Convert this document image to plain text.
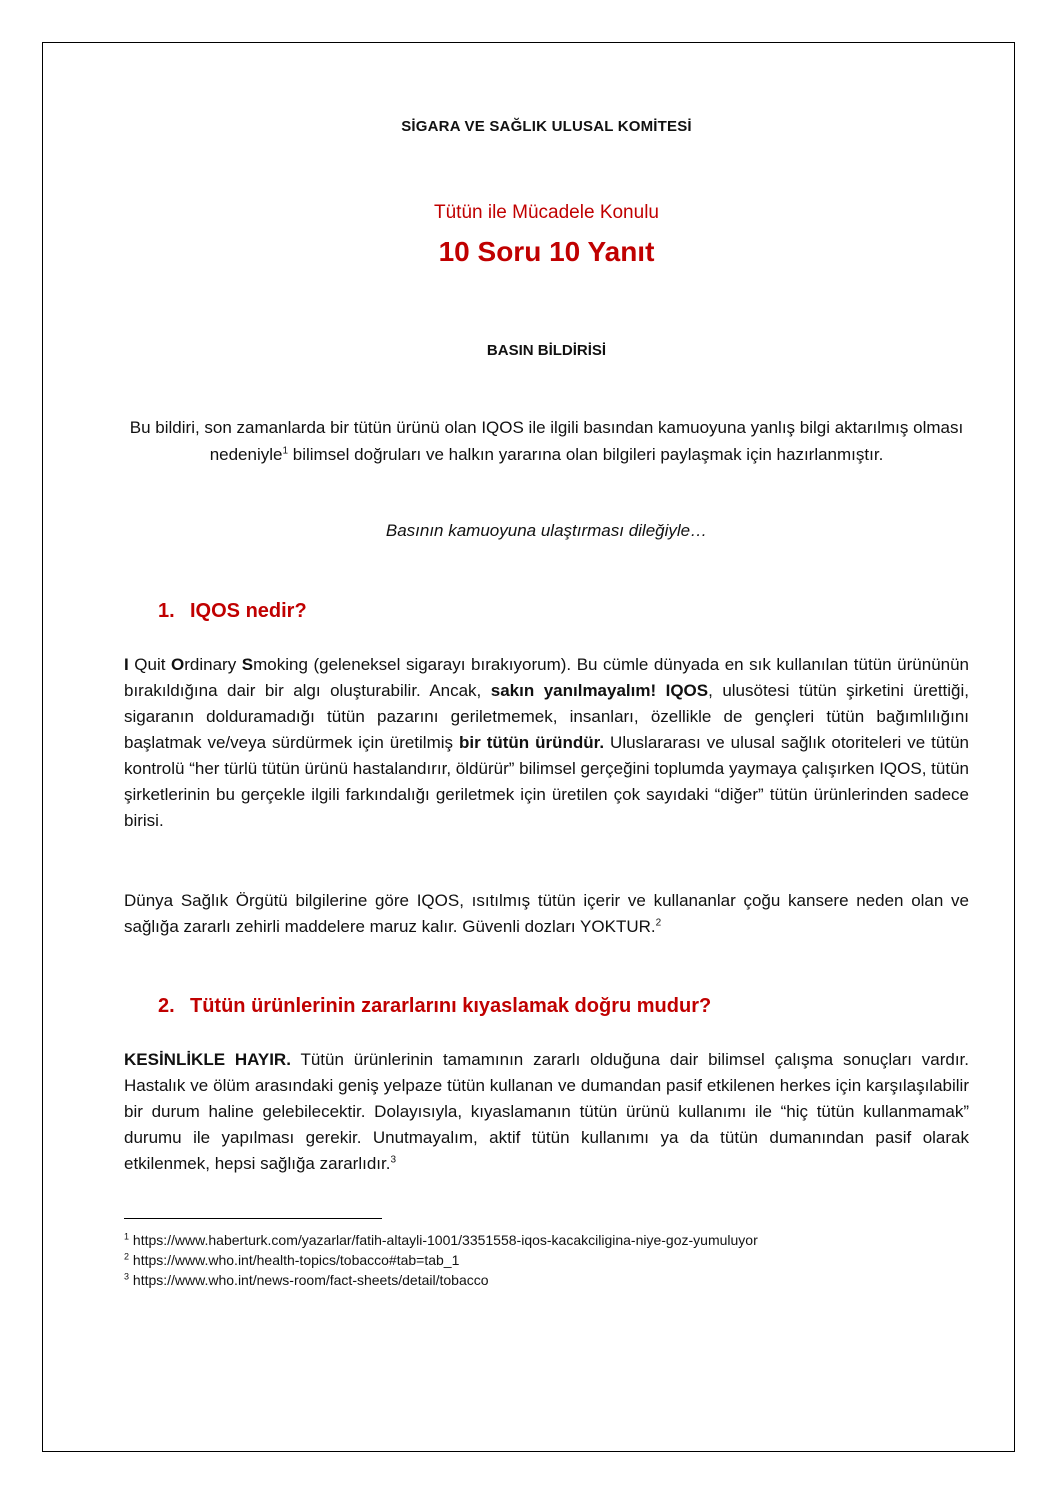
SİGARA VE SAĞLIK ULUSAL KOMİTESİ
Tütün ile Mücadele Konulu
10 Soru 10 Yanıt
BASIN BİLDİRİSİ
Bu bildiri, son zamanlarda bir tütün ürünü olan IQOS ile ilgili basından kamuoyuna yanlış bilgi aktarılmış olması nedeniyle$^1$ bilimsel doğruları ve halkın yararına olan bilgileri paylaşmak için hazırlanmıştır.
Basının kamuoyuna ulaştırması dileğiyle…
1. IQOS nedir?
I Quit Ordinary Smoking (geleneksel sigarayı bırakıyorum). Bu cümle dünyada en sık kullanılan tütün ürününün bırakıldığına dair bir algı oluşturabilir. Ancak, sakın yanılmayalım! IQOS, ulusötesi tütün şirketini ürettiği, sigaranın dolduramadığı tütün pazarını geriletmemek, insanları, özellikle de gençleri tütün bağımlılığını başlatmak ve/veya sürdürmek için üretilmiş bir tütün üründür. Uluslararası ve ulusal sağlık otoriteleri ve tütün kontrolü “her türlü tütün ürünü hastalandırır, öldürür” bilimsel gerçeğini toplumda yaymaya çalışırken IQOS, tütün şirketlerinin bu gerçekle ilgili farkındalığı geriletmek için üretilen çok sayıdaki “diğer” tütün ürünlerinden sadece birisi.
Dünya Sağlık Örgütü bilgilerine göre IQOS, ısıtılmış tütün içerir ve kullananlar çoğu kansere neden olan ve sağlığa zararlı zehirli maddelere maruz kalır. Güvenli dozları YOKTUR.$^2$
2. Tütün ürünlerinin zararlarını kıyaslamak doğru mudur?
KESİNLİKLE HAYIR. Tütün ürünlerinin tamamının zararlı olduğuna dair bilimsel çalışma sonuçları vardır. Hastalık ve ölüm arasındaki geniş yelpaze tütün kullanan ve dumandan pasif etkilenen herkes için karşılaşılabilir bir durum haline gelebilecektir. Dolayısıyla, kıyaslamanın tütün ürünü kullanımı ile “hiç tütün kullanmamak” durumu ile yapılması gerekir. Unutmayalım, aktif tütün kullanımı ya da tütün dumanından pasif olarak etkilenmek, hepsi sağlığa zararlıdır.$^3$
$^1$ https://www.haberturk.com/yazarlar/fatih-altayli-1001/3351558-iqos-kacakciligina-niye-goz-yumuluyor
$^2$ https://www.who.int/health-topics/tobacco#tab=tab_1
$^3$ https://www.who.int/news-room/fact-sheets/detail/tobacco
